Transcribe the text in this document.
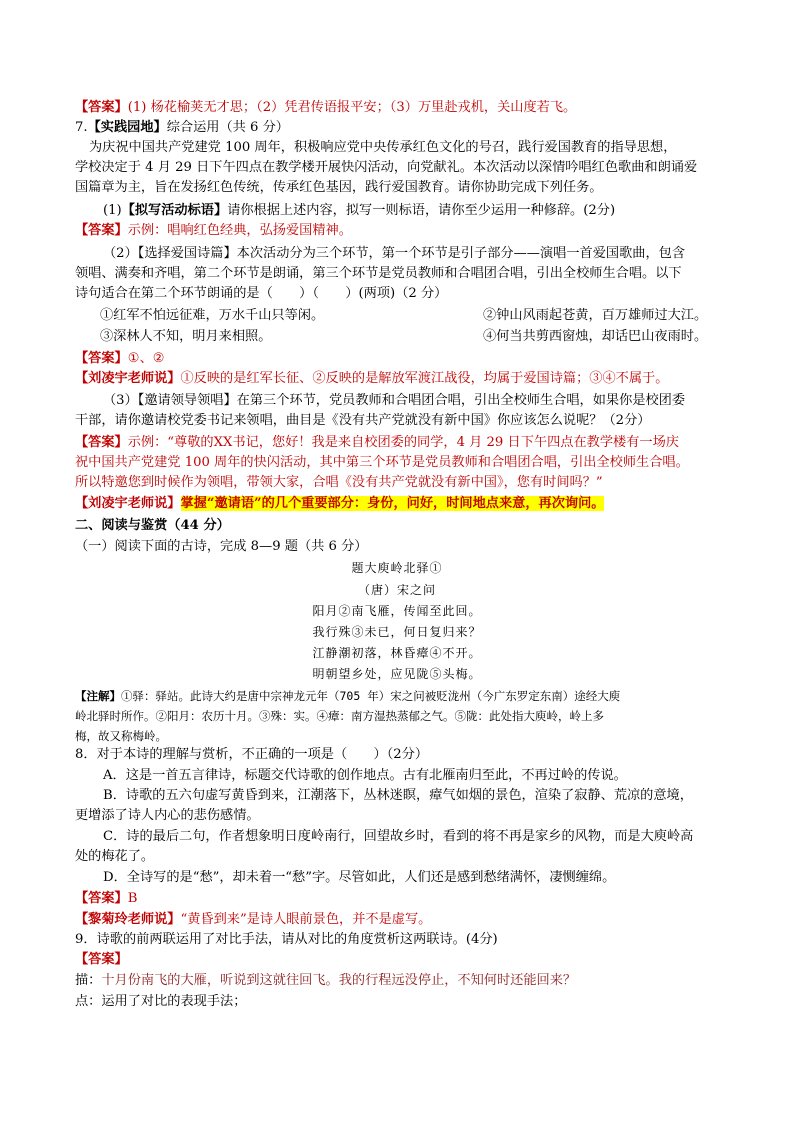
【答案】(1) 杨花榆荚无才思；（2）凭君传语报平安；（3）万里赴戎机，关山度若飞。
7.【实践园地】综合运用（共 6 分）
为庆祝中国共产党建党 100 周年，积极响应党中央传承红色文化的号召，践行爱国教育的指导思想，
学校决定于 4 月 29 日下午四点在教学楼开展快闪活动，向党献礼。本次活动以深情吟唱红色歌曲和朗诵爱
国篇章为主，旨在发扬红色传统，传承红色基因，践行爱国教育。请你协助完成下列任务。
(1)【拟写活动标语】请你根据上述内容，拟写一则标语，请你至少运用一种修辞。(2分)
【答案】示例：唱响红色经典，弘扬爱国精神。
（2）【选择爱国诗篇】本次活动分为三个环节，第一个环节是引子部分——演唱一首爱国歌曲，包含
领唱、满奏和齐唱，第二个环节是朗诵，第三个环节是党员教师和合唱团合唱，引出全校师生合唱。以下
诗句适合在第二个环节朗诵的是（　　）（　　）(两项)（2 分）
①红军不怕远征难，万水千山只等闲。	②钟山风雨起苍黄，百万雄师过大江。
③深林人不知，明月来相照。	④何当共剪西窗烛，却话巴山夜雨时。
【答案】①、②
【刘凌宇老师说】①反映的是红军长征、②反映的是解放军渡江战役，均属于爱国诗篇；③④不属于。
（3）【邀请领导领唱】在第三个环节，党员教师和合唱团合唱，引出全校师生合唱，如果你是校团委
干部，请你邀请校党委书记来领唱，曲目是《没有共产党就没有新中国》你应该怎么说呢？（2分）
【答案】示例：“尊敬的XX书记，您好！我是来自校团委的同学，4 月 29 日下午四点在教学楼有一场庆
祝中国共产党建党 100 周年的快闪活动，其中第三个环节是党员教师和合唱团合唱，引出全校师生合唱。
所以特邀您到时候作为领唱，带领大家，合唱《没有共产党就没有新中国》，您有时间吗？”
【刘凌宇老师说】掌握“邀请语”的几个重要部分：身份，问好，时间地点来意，再次询问。
二、阅读与鉴赏（44 分）
（一）阅读下面的古诗，完成 8—9 题（共 6 分）
题大庾岭北驿①
（唐）宋之问
阳月②南飞雁，传闻至此回。
我行殊③未已，何日复归来？
江静潮初落，林昏瘴④不开。
明朝望乡处，应见陇⑤头梅。
【注解】①驿：驿站。此诗大约是唐中宗神龙元年（705 年）宋之问被贬泷州（今广东罗定东南）途经大庾
岭北驿时所作。②阳月：农历十月。③殊：实。④瘴：南方湿热蒸郁之气。⑤陇：此处指大庾岭，岭上多
梅，故又称梅岭。
8．对于本诗的理解与赏析，不正确的一项是（　　）（2分）
A．这是一首五言律诗，标题交代诗歌的创作地点。古有北雁南归至此，不再过岭的传说。
B．诗歌的五六句虚写黄昏到来，江潮落下，丛林迷瞑，瘴气如烟的景色，渲染了寂静、荒凉的意境，
更增添了诗人内心的悲伤感情。
C．诗的最后二句，作者想象明日度岭南行，回望故乡时，看到的将不再是家乡的风物，而是大庾岭高
处的梅花了。
D．全诗写的是“愁”，却未着一“愁”字。尽管如此，人们还是感到愁绪满怀，凄恻缠绵。
【答案】B
【黎菊玲老师说】“黄昏到来”是诗人眼前景色，并不是虚写。
9．诗歌的前两联运用了对比手法，请从对比的角度赏析这两联诗。(4分)
【答案】
描：十月份南飞的大雁，听说到这就往回飞。我的行程远没停止，不知何时还能回来？
点：运用了对比的表现手法；
